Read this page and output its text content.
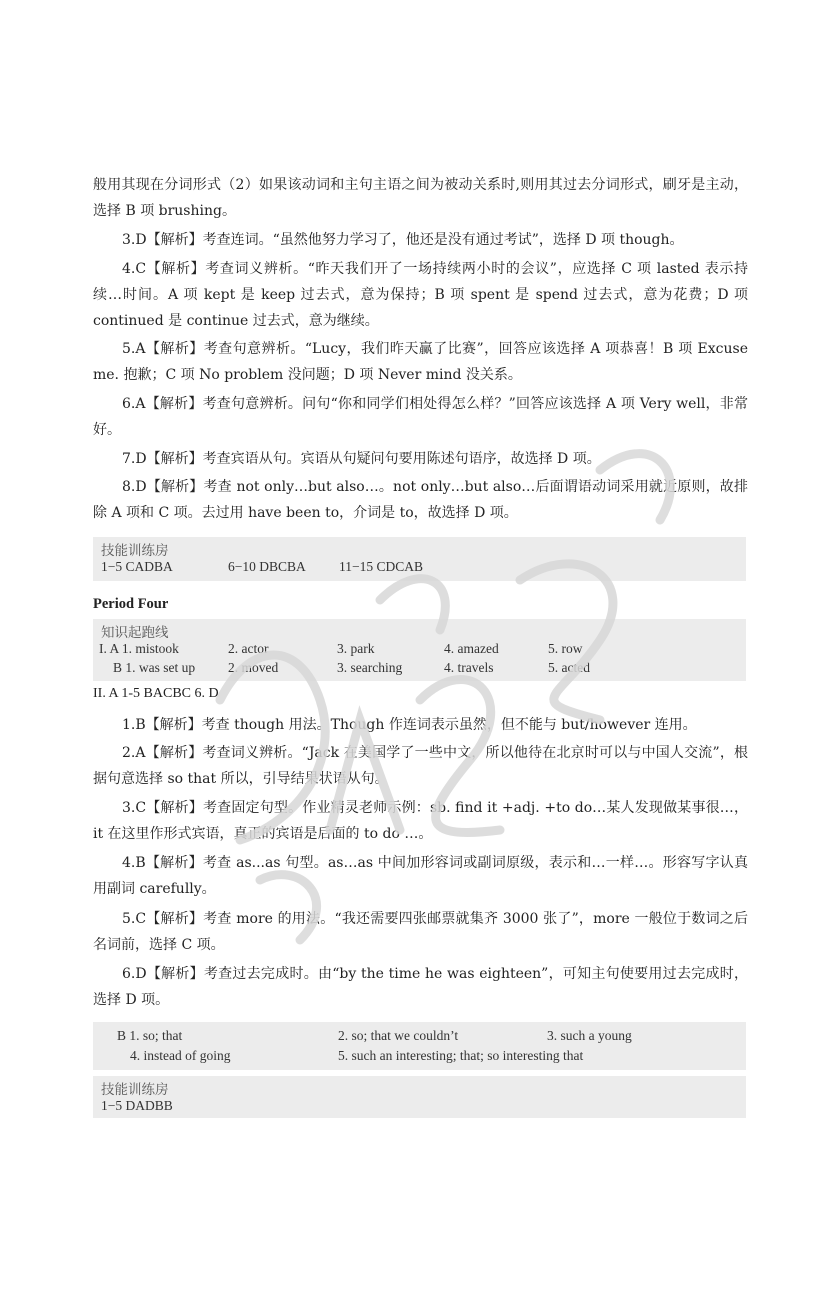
般用其现在分词形式（2）如果该动词和主句主语之间为被动关系时,则用其过去分词形式，刷牙是主动，选择 B 项 brushing。

3.D【解析】考查连词。“虽然他努力学习了，他还是没有通过考试”，选择 D 项 though。

4.C【解析】考查词义辨析。“昨天我们开了一场持续两小时的会议”，应选择 C 项 lasted 表示持续…时间。A 项 kept 是 keep 过去式，意为保持；B 项 spent 是 spend 过去式，意为花费；D 项 continued 是 continue 过去式，意为继续。

5.A【解析】考查句意辨析。“Lucy，我们昨天赢了比赛”，回答应该选择 A 项恭喜！B 项 Excuse me. 抱歉；C 项 No problem 没问题；D 项 Never mind 没关系。

6.A【解析】考查句意辨析。问句“你和同学们相处得怎么样？”回答应该选择 A 项 Very well，非常好。

7.D【解析】考查宾语从句。宾语从句疑问句要用陈述句语序，故选择 D 项。

8.D【解析】考查 not only…but also…。not only…but also…后面谓语动词采用就近原则，故排除 A 项和 C 项。去过用 have been to，介词是 to，故选择 D 项。

技能训练房
1−5 CADBA	6−10 DBCBA 11−15 CDCAB
Period Four
知识起跑线
I. A 1. mistook	2. actor	3. park	4. amazed	5. row
B 1. was set up 2. moved	3. searching	4. travels	5. acted
II. A 1-5 BACBC 6. D

1.B【解析】考查 though 用法。Though 作连词表示虽然，但不能与 but/however 连用。

2.A【解析】考查词义辨析。“Jack 在美国学了一些中文，所以他待在北京时可以与中国人交流”，根据句意选择 so that 所以，引导结果状语从句。

3.C【解析】考查固定句型。作业精灵老师示例：sb. find it +adj. +to do…某人发现做某事很…，it 在这里作形式宾语，真正的宾语是后面的 to do …。

4.B【解析】考查 as...as 句型。as…as 中间加形容词或副词原级，表示和…一样…。形容写字认真用副词 carefully。

5.C【解析】考查 more 的用法。“我还需要四张邮票就集齐 3000 张了”，more 一般位于数词之后名词前，选择 C 项。

6.D【解析】考查过去完成时。由“by the time he was eighteen”，可知主句使要用过去完成时，选择 D 项。

B 1. so; that	2. so; that we couldn’t	3. such a young
4. instead of going	5. such an interesting; that; so interesting that
技能训练房
1−5 DADBB
